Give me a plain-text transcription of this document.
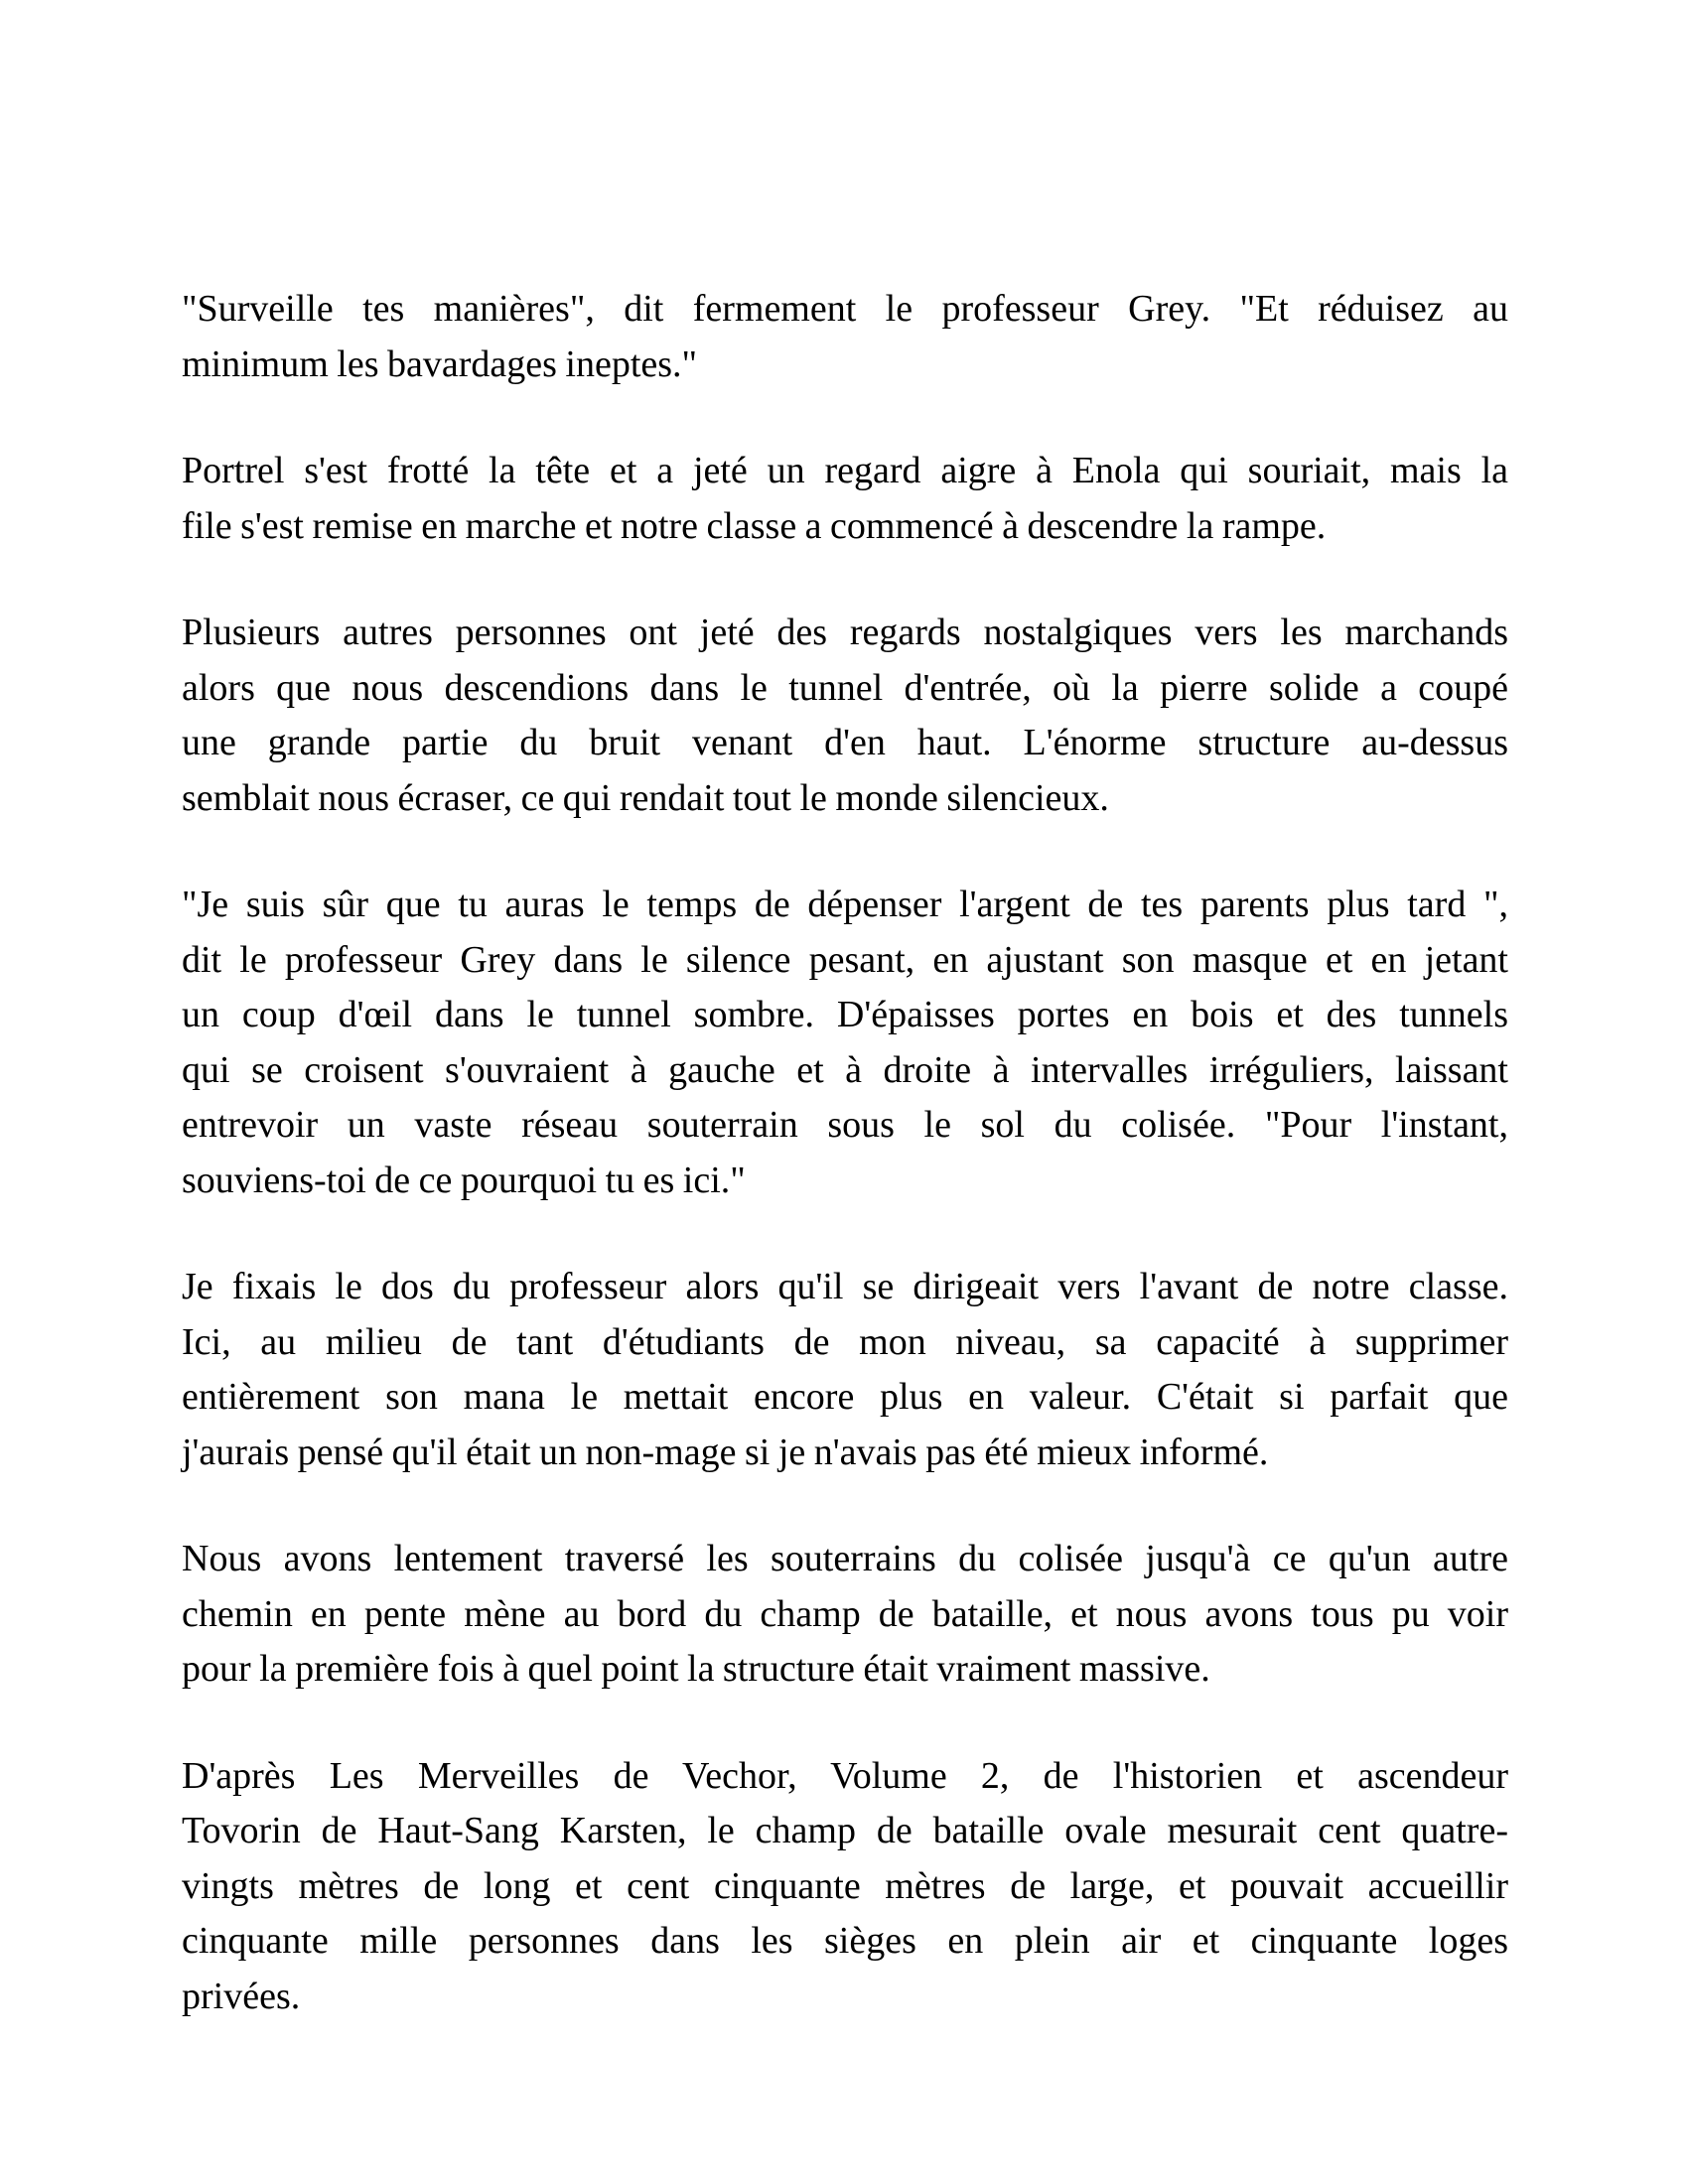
"Surveille tes manières", dit fermement le professeur Grey. "Et réduisez au
minimum les bavardages ineptes."
Portrel s'est frotté la tête et a jeté un regard aigre à Enola qui souriait, mais la
file s'est remise en marche et notre classe a commencé à descendre la rampe.
Plusieurs autres personnes ont jeté des regards nostalgiques vers les marchands
alors que nous descendions dans le tunnel d'entrée, où la pierre solide a coupé
une grande partie du bruit venant d'en haut. L'énorme structure au-dessus
semblait nous écraser, ce qui rendait tout le monde silencieux.
"Je suis sûr que tu auras le temps de dépenser l'argent de tes parents plus tard ",
dit le professeur Grey dans le silence pesant, en ajustant son masque et en jetant
un coup d'œil dans le tunnel sombre. D'épaisses portes en bois et des tunnels
qui se croisent s'ouvraient à gauche et à droite à intervalles irréguliers, laissant
entrevoir un vaste réseau souterrain sous le sol du colisée. "Pour l'instant,
souviens-toi de ce pourquoi tu es ici."
Je fixais le dos du professeur alors qu'il se dirigeait vers l'avant de notre classe.
Ici, au milieu de tant d'étudiants de mon niveau, sa capacité à supprimer
entièrement son mana le mettait encore plus en valeur. C'était si parfait que
j'aurais pensé qu'il était un non-mage si je n'avais pas été mieux informé.
Nous avons lentement traversé les souterrains du colisée jusqu'à ce qu'un autre
chemin en pente mène au bord du champ de bataille, et nous avons tous pu voir
pour la première fois à quel point la structure était vraiment massive.
D'après Les Merveilles de Vechor, Volume 2, de l'historien et ascendeur
Tovorin de Haut-Sang Karsten, le champ de bataille ovale mesurait cent quatre-
vingts mètres de long et cent cinquante mètres de large, et pouvait accueillir
cinquante mille personnes dans les sièges en plein air et cinquante loges
privées.
